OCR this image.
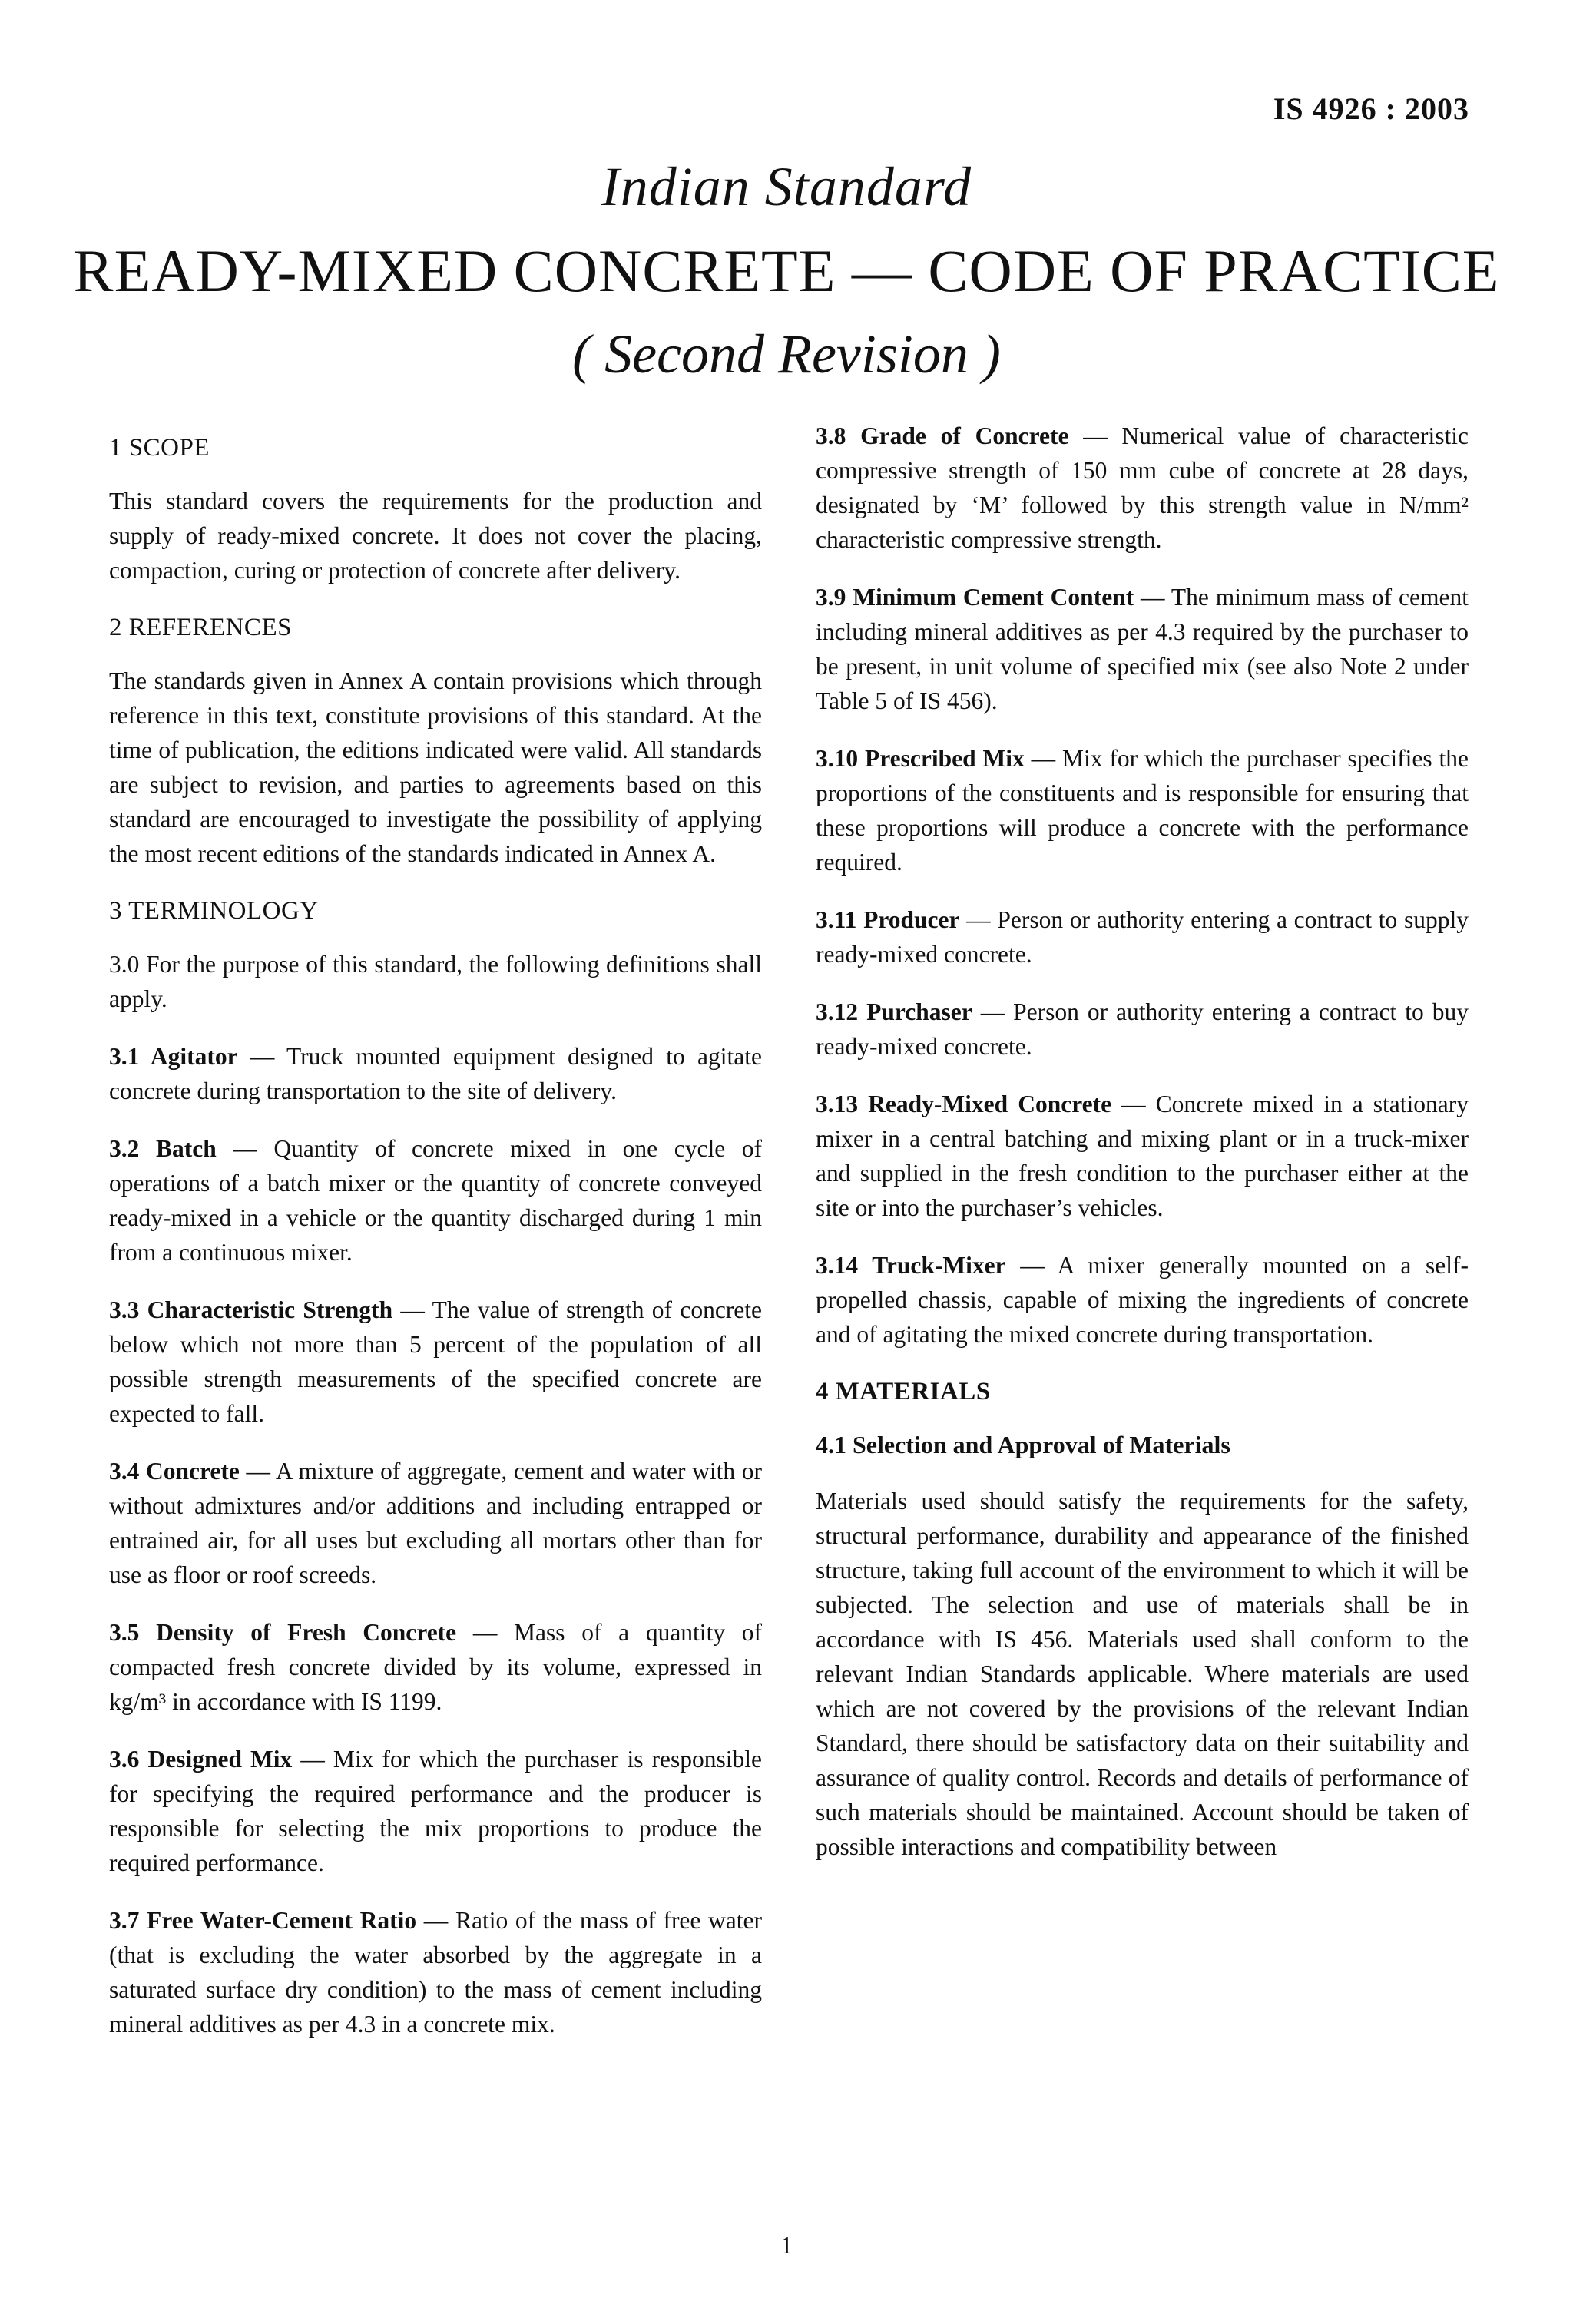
IS 4926 : 2003
Indian Standard
READY-MIXED CONCRETE — CODE OF PRACTICE
( Second Revision )
1 SCOPE

This standard covers the requirements for the production and supply of ready-mixed concrete. It does not cover the placing, compaction, curing or protection of concrete after delivery.

2 REFERENCES

The standards given in Annex A contain provisions which through reference in this text, constitute provisions of this standard. At the time of publication, the editions indicated were valid. All standards are subject to revision, and parties to agreements based on this standard are encouraged to investigate the possibility of applying the most recent editions of the standards indicated in Annex A.

3 TERMINOLOGY

3.0 For the purpose of this standard, the following definitions shall apply.

3.1 Agitator — Truck mounted equipment designed to agitate concrete during transportation to the site of delivery.

3.2 Batch — Quantity of concrete mixed in one cycle of operations of a batch mixer or the quantity of concrete conveyed ready-mixed in a vehicle or the quantity discharged during 1 min from a continuous mixer.

3.3 Characteristic Strength — The value of strength of concrete below which not more than 5 percent of the population of all possible strength measurements of the specified concrete are expected to fall.

3.4 Concrete — A mixture of aggregate, cement and water with or without admixtures and/or additions and including entrapped or entrained air, for all uses but excluding all mortars other than for use as floor or roof screeds.

3.5 Density of Fresh Concrete — Mass of a quantity of compacted fresh concrete divided by its volume, expressed in kg/m³ in accordance with IS 1199.

3.6 Designed Mix — Mix for which the purchaser is responsible for specifying the required performance and the producer is responsible for selecting the mix proportions to produce the required performance.

3.7 Free Water-Cement Ratio — Ratio of the mass of free water (that is excluding the water absorbed by the aggregate in a saturated surface dry condition) to the mass of cement including mineral additives as per 4.3 in a concrete mix.

3.8 Grade of Concrete — Numerical value of characteristic compressive strength of 150 mm cube of concrete at 28 days, designated by ‘M’ followed by this strength value in N/mm² characteristic compressive strength.

3.9 Minimum Cement Content — The minimum mass of cement including mineral additives as per 4.3 required by the purchaser to be present, in unit volume of specified mix (see also Note 2 under Table 5 of IS 456).

3.10 Prescribed Mix — Mix for which the purchaser specifies the proportions of the constituents and is responsible for ensuring that these proportions will produce a concrete with the performance required.

3.11 Producer — Person or authority entering a contract to supply ready-mixed concrete.

3.12 Purchaser — Person or authority entering a contract to buy ready-mixed concrete.

3.13 Ready-Mixed Concrete — Concrete mixed in a stationary mixer in a central batching and mixing plant or in a truck-mixer and supplied in the fresh condition to the purchaser either at the site or into the purchaser’s vehicles.

3.14 Truck-Mixer — A mixer generally mounted on a self-propelled chassis, capable of mixing the ingredients of concrete and of agitating the mixed concrete during transportation.

4 MATERIALS
4.1 Selection and Approval of Materials

Materials used should satisfy the requirements for the safety, structural performance, durability and appearance of the finished structure, taking full account of the environment to which it will be subjected. The selection and use of materials shall be in accordance with IS 456. Materials used shall conform to the relevant Indian Standards applicable. Where materials are used which are not covered by the provisions of the relevant Indian Standard, there should be satisfactory data on their suitability and assurance of quality control. Records and details of performance of such materials should be maintained. Account should be taken of possible interactions and compatibility between

1
